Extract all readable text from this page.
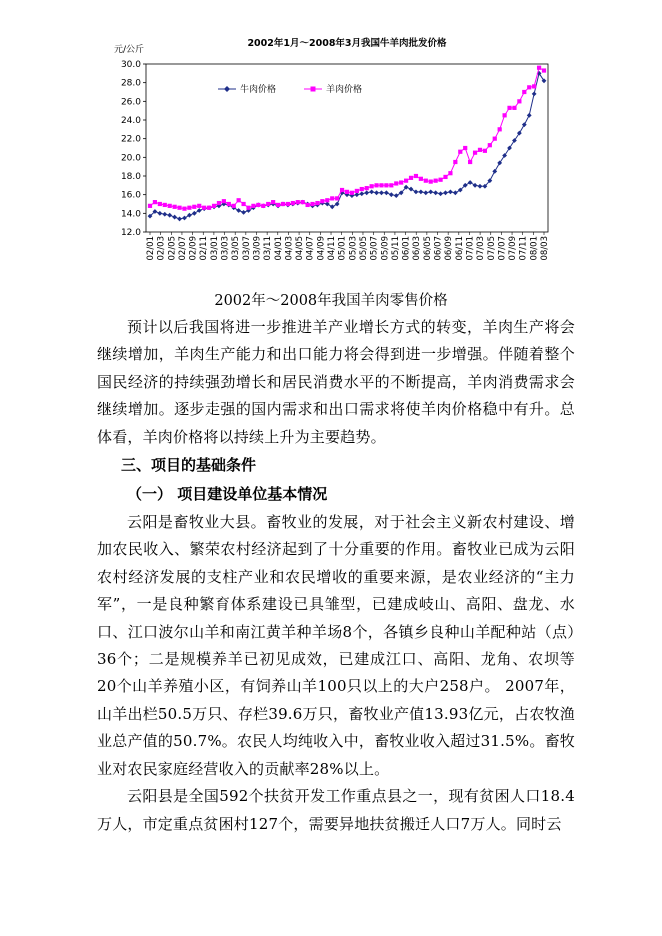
2002年1月～2008年3月我国牛羊肉批发价格
元/公斤
12.0
14.0
16.0
18.0
20.0
22.0
24.0
26.0
28.0
30.0
02/01 02/03 02/05 02/07 02/09 02/11 03/01 03/03 03/05 03/07 03/09 03/11 04/01 04/03 04/05 04/07 04/09 04/11 05/01 05/03 05/05 05/07 05/09 05/11 06/01 06/03 06/05 06/07 06/09 06/11 07/01 07/03 07/05 07/07 07/09 07/11 08/01 08/03
牛肉价格	羊肉价格
2002年～2008年我国羊肉零售价格

预计以后我国将进一步推进羊产业增长方式的转变，羊肉生产将会继续增加，羊肉生产能力和出口能力将会得到进一步增强。伴随着整个国民经济的持续强劲增长和居民消费水平的不断提高，羊肉消费需求会继续增加。逐步走强的国内需求和出口需求将使羊肉价格稳中有升。总体看，羊肉价格将以持续上升为主要趋势。

三、项目的基础条件

（一） 项目建设单位基本情况

云阳是畜牧业大县。畜牧业的发展，对于社会主义新农村建设、增加农民收入、繁荣农村经济起到了十分重要的作用。畜牧业已成为云阳农村经济发展的支柱产业和农民增收的重要来源，是农业经济的“主力军”，一是良种繁育体系建设已具雏型，已建成岐山、高阳、盘龙、水口、江口波尔山羊和南江黄羊种羊场8个，各镇乡良种山羊配种站（点）36个；二是规模养羊已初见成效，已建成江口、高阳、龙角、农坝等20个山羊养殖小区，有饲养山羊100只以上的大户258户。 2007年，山羊出栏50.5万只、存栏39.6万只，畜牧业产值13.93亿元，占农牧渔业总产值的50.7%。农民人均纯收入中，畜牧业收入超过31.5%。畜牧业对农民家庭经营收入的贡献率28%以上。

云阳县是全国592个扶贫开发工作重点县之一，现有贫困人口18.4万人，市定重点贫困村127个，需要异地扶贫搬迁人口7万人。同时云
